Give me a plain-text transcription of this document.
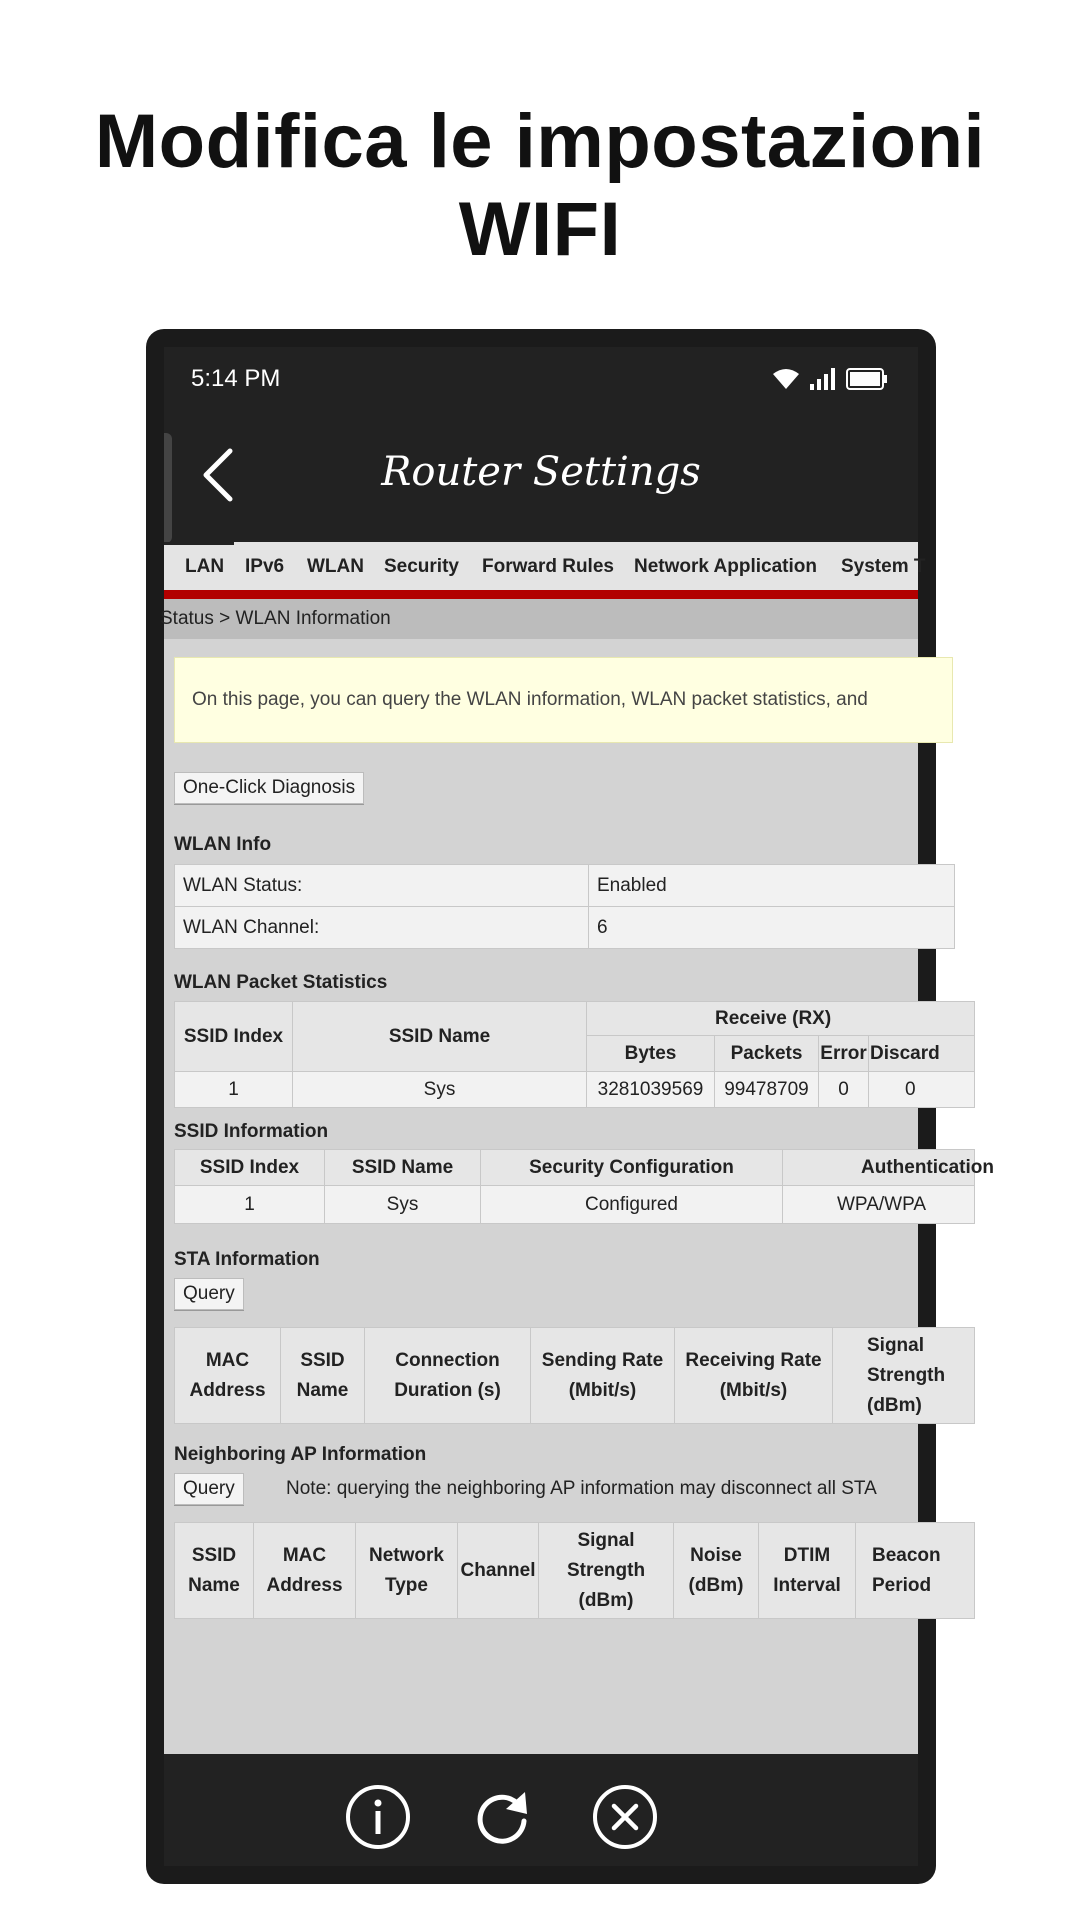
Modifica le impostazioni
WIFI
5:14 PM
Router Settings
LAN IPv6 WLAN Security Forward Rules Network Application System T
Status > WLAN Information
On this page, you can query the WLAN information, WLAN packet statistics, and
One-Click Diagnosis
WLAN Info
WLAN Status:	Enabled
WLAN Channel:	6
WLAN Packet Statistics
SSID Index	SSID Name	Receive (RX)			
		Bytes	Packets	Error	Discard
1	Sys	3281039569	99478709	0	0
SSID Information
SSID Index	SSID Name	Security Configuration	Authentication
1	Sys	Configured	WPA/WPA
STA Information
Query
MAC Address	SSID Name	Connection Duration (s)	Sending Rate (Mbit/s)	Receiving Rate (Mbit/s)	Signal Strength (dBm)
Neighboring AP Information
Query	Note: querying the neighboring AP information may disconnect all STA
SSID Name	MAC Address	Network Type	Channel	Signal Strength (dBm)	Noise (dBm)	DTIM Interval	Beacon Period
